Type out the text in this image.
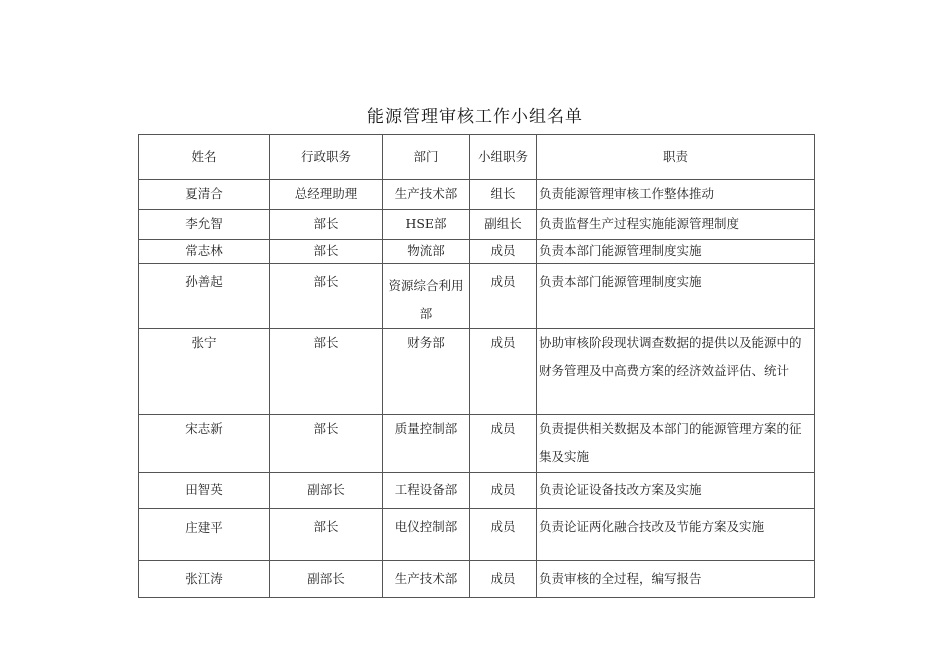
能源管理审核工作小组名单
姓名	行政职务	部门	小组职务	职责
夏清合	总经理助理	生产技术部	组长	负责能源管理审核工作整体推动
李允智	部长	HSE部	副组长	负责监督生产过程实施能源管理制度
常志林	部长	物流部	成员	负责本部门能源管理制度实施
孙善起	部长	资源综合利用部	成员	负责本部门能源管理制度实施
张宁	部长	财务部	成员	协助审核阶段现状调查数据的提供以及能源中的财务管理及中高费方案的经济效益评估、统计
宋志新	部长	质量控制部	成员	负责提供相关数据及本部门的能源管理方案的征集及实施
田智英	副部长	工程设备部	成员	负责论证设备技改方案及实施
庄建平	部长	电仪控制部	成员	负责论证两化融合技改及节能方案及实施
张江涛	副部长	生产技术部	成员	负责审核的全过程，编写报告
